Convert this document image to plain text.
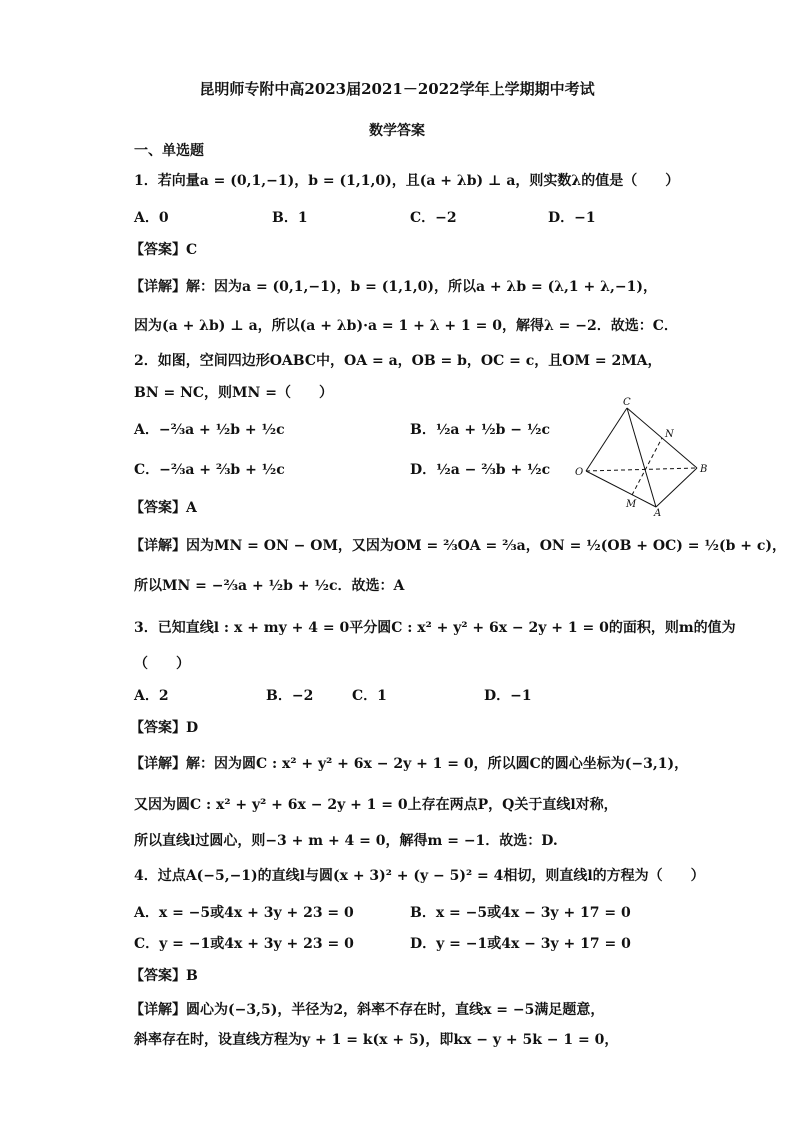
昆明师专附中高2023届2021－2022学年上学期期中考试
数学答案
一、单选题
1．若向量a = (0,1,−1)，b = (1,1,0)，且(a + λb) ⊥ a，则实数λ的值是（　　）
A．0	B．1	C．−2	D．−1
【答案】C
【详解】解：因为a = (0,1,−1)，b = (1,1,0)，所以a + λb = (λ,1 + λ,−1)，
因为(a + λb) ⊥ a，所以(a + λb)·a = 1 + λ + 1 = 0，解得λ = −2．故选：C．
2．如图，空间四边形OABC中，OA = a，OB = b，OC = c，且OM = 2MA，
BN = NC，则MN =（　　）
A．−⅔a + ½b + ½c	B．½a + ½b − ½c
C．−⅔a + ⅔b + ½c	D．½a − ⅔b + ½c
【答案】A
【详解】因为MN = ON − OM，又因为OM = ⅔OA = ⅔a，ON = ½(OB + OC) = ½(b + c)，
所以MN = −⅔a + ½b + ½c．故选：A
C
N
O	B
M
A
3．已知直线l : x + my + 4 = 0平分圆C : x² + y² + 6x − 2y + 1 = 0的面积，则m的值为
（　　）
A．2	B．−2	C．1	D．−1
【答案】D
【详解】解：因为圆C : x² + y² + 6x − 2y + 1 = 0，所以圆C的圆心坐标为(−3,1)，
又因为圆C : x² + y² + 6x − 2y + 1 = 0上存在两点P，Q关于直线l对称，
所以直线l过圆心，则−3 + m + 4 = 0，解得m = −1．故选：D.
4．过点A(−5,−1)的直线l与圆(x + 3)² + (y − 5)² = 4相切，则直线l的方程为（　　）
A．x = −5或4x + 3y + 23 = 0	B．x = −5或4x − 3y + 17 = 0
C．y = −1或4x + 3y + 23 = 0	D．y = −1或4x − 3y + 17 = 0
【答案】B
【详解】圆心为(−3,5)，半径为2，斜率不存在时，直线x = −5满足题意，
斜率存在时，设直线方程为y + 1 = k(x + 5)，即kx − y + 5k − 1 = 0，
